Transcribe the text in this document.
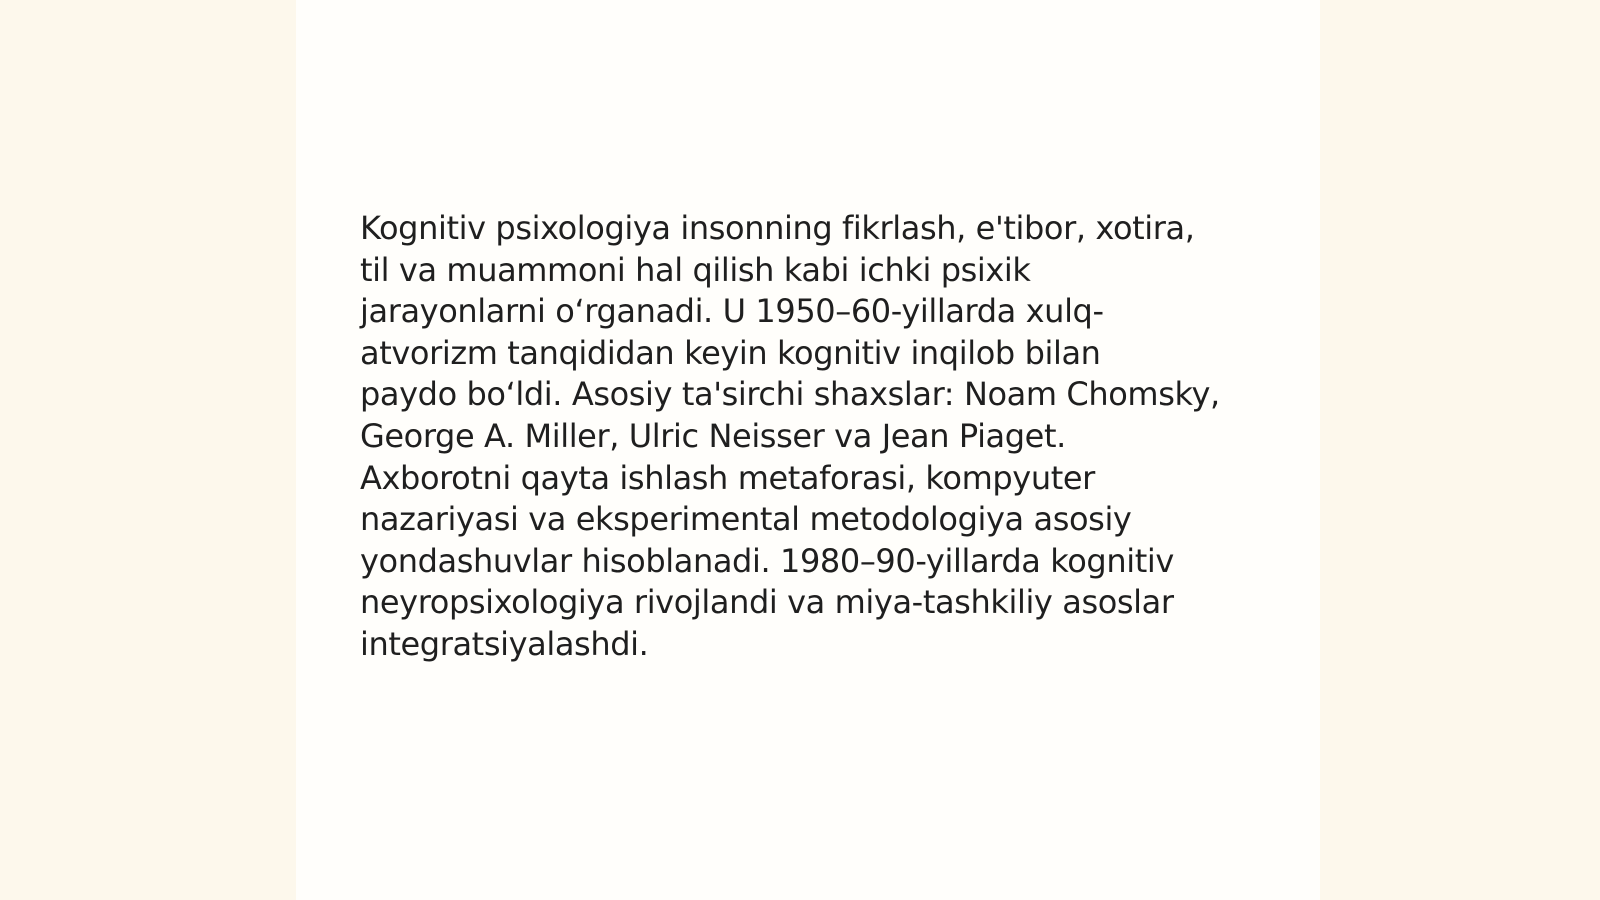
Kognitiv psixologiya insonning fikrlash, e'tibor, xotira,
til va muammoni hal qilish kabi ichki psixik
jarayonlarni o‘rganadi. U 1950–60-yillarda xulq-
atvorizm tanqididan keyin kognitiv inqilob bilan
paydo bo‘ldi. Asosiy ta'sirchi shaxslar: Noam Chomsky,
George A. Miller, Ulric Neisser va Jean Piaget.
Axborotni qayta ishlash metaforasi, kompyuter
nazariyasi va eksperimental metodologiya asosiy
yondashuvlar hisoblanadi. 1980–90-yillarda kognitiv
neyropsixologiya rivojlandi va miya-tashkiliy asoslar
integratsiyalashdi.
